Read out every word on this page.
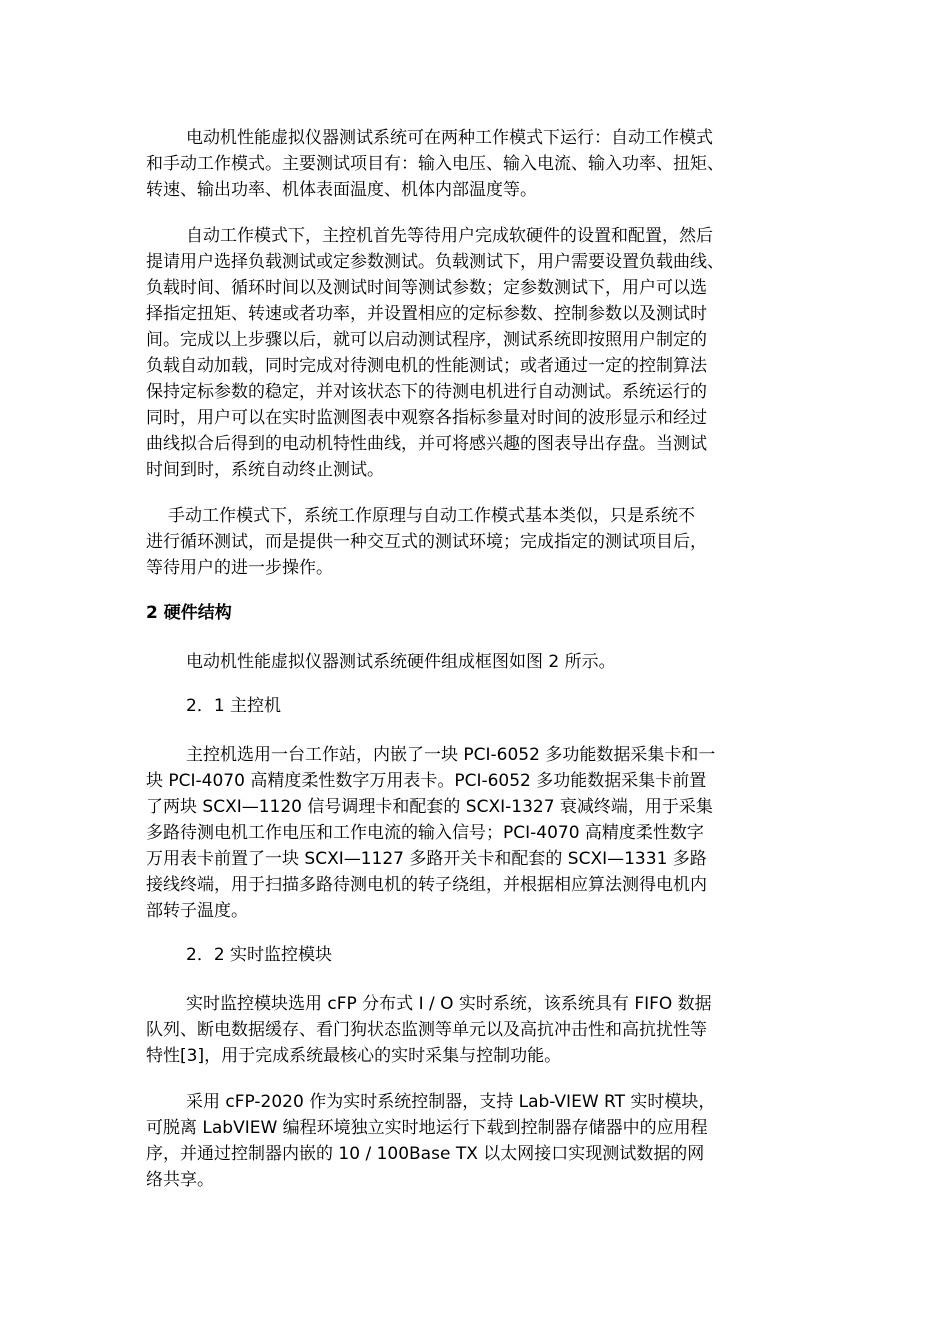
电动机性能虚拟仪器测试系统可在两种工作模式下运行：自动工作模式
和手动工作模式。主要测试项目有：输入电压、输入电流、输入功率、扭矩、
转速、输出功率、机体表面温度、机体内部温度等。
自动工作模式下，主控机首先等待用户完成软硬件的设置和配置，然后
提请用户选择负载测试或定参数测试。负载测试下，用户需要设置负载曲线、
负载时间、循环时间以及测试时间等测试参数；定参数测试下，用户可以选
择指定扭矩、转速或者功率，并设置相应的定标参数、控制参数以及测试时
间。完成以上步骤以后，就可以启动测试程序，测试系统即按照用户制定的
负载自动加载，同时完成对待测电机的性能测试；或者通过一定的控制算法
保持定标参数的稳定，并对该状态下的待测电机进行自动测试。系统运行的
同时，用户可以在实时监测图表中观察各指标参量对时间的波形显示和经过
曲线拟合后得到的电动机特性曲线，并可将感兴趣的图表导出存盘。当测试
时间到时，系统自动终止测试。
手动工作模式下，系统工作原理与自动工作模式基本类似，只是系统不
进行循环测试，而是提供一种交互式的测试环境；完成指定的测试项目后，
等待用户的进一步操作。
2 硬件结构
电动机性能虚拟仪器测试系统硬件组成框图如图 2 所示。
2．1 主控机
主控机选用一台工作站，内嵌了一块 PCI-6052 多功能数据采集卡和一
块 PCI-4070 高精度柔性数字万用表卡。PCI-6052 多功能数据采集卡前置
了两块 SCXI—1120 信号调理卡和配套的 SCXI-1327 衰减终端，用于采集
多路待测电机工作电压和工作电流的输入信号；PCI-4070 高精度柔性数字
万用表卡前置了一块 SCXI—1127 多路开关卡和配套的 SCXI—1331 多路
接线终端，用于扫描多路待测电机的转子绕组，并根据相应算法测得电机内
部转子温度。
2．2 实时监控模块
实时监控模块选用 cFP 分布式 I / O 实时系统，该系统具有 FIFO 数据
队列、断电数据缓存、看门狗状态监测等单元以及高抗冲击性和高抗扰性等
特性[3]，用于完成系统最核心的实时采集与控制功能。
采用 cFP-2020 作为实时系统控制器，支持 Lab-VIEW RT 实时模块，
可脱离 LabVIEW 编程环境独立实时地运行下载到控制器存储器中的应用程
序，并通过控制器内嵌的 10 / 100Base TX 以太网接口实现测试数据的网
络共享。
